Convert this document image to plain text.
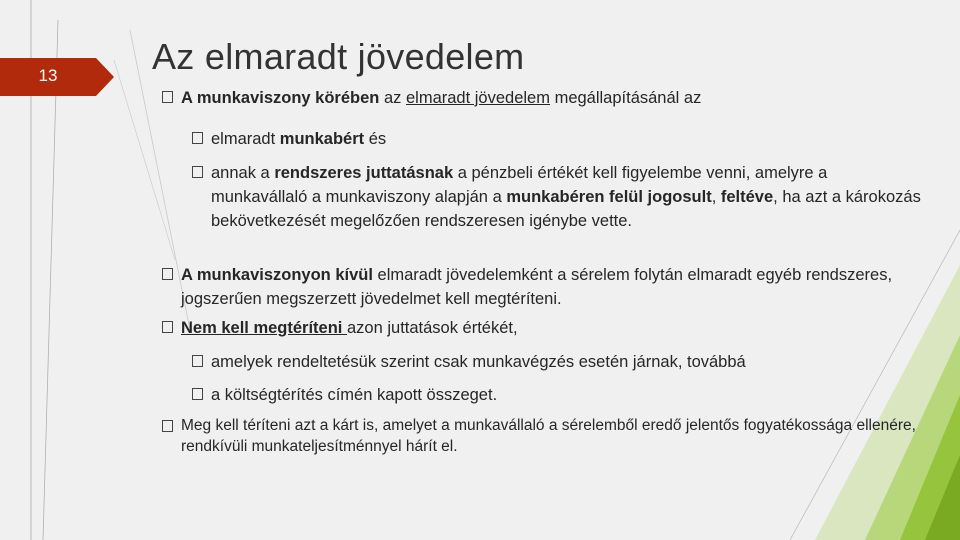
13	Az elmaradt jövedelem
A munkaviszony körében az elmaradt jövedelem megállapításánál az
elmaradt munkabért és
annak a rendszeres juttatásnak a pénzbeli értékét kell figyelembe venni, amelyre a munkavállaló a munkaviszony alapján a munkabéren felül jogosult, feltéve, ha azt a károkozás bekövetkezését megelőzően rendszeresen igénybe vette.
A munkaviszonyon kívül elmaradt jövedelemként a sérelem folytán elmaradt egyéb rendszeres, jogszerűen megszerzett jövedelmet kell megtéríteni.
Nem kell megtéríteni azon juttatások értékét,
amelyek rendeltetésük szerint csak munkavégzés esetén járnak, továbbá
a költségtérítés címén kapott összeget.
Meg kell téríteni azt a kárt is, amelyet a munkavállaló a sérelemből eredő jelentős fogyatékossága ellenére, rendkívüli munkateljesítménnyel hárít el.
